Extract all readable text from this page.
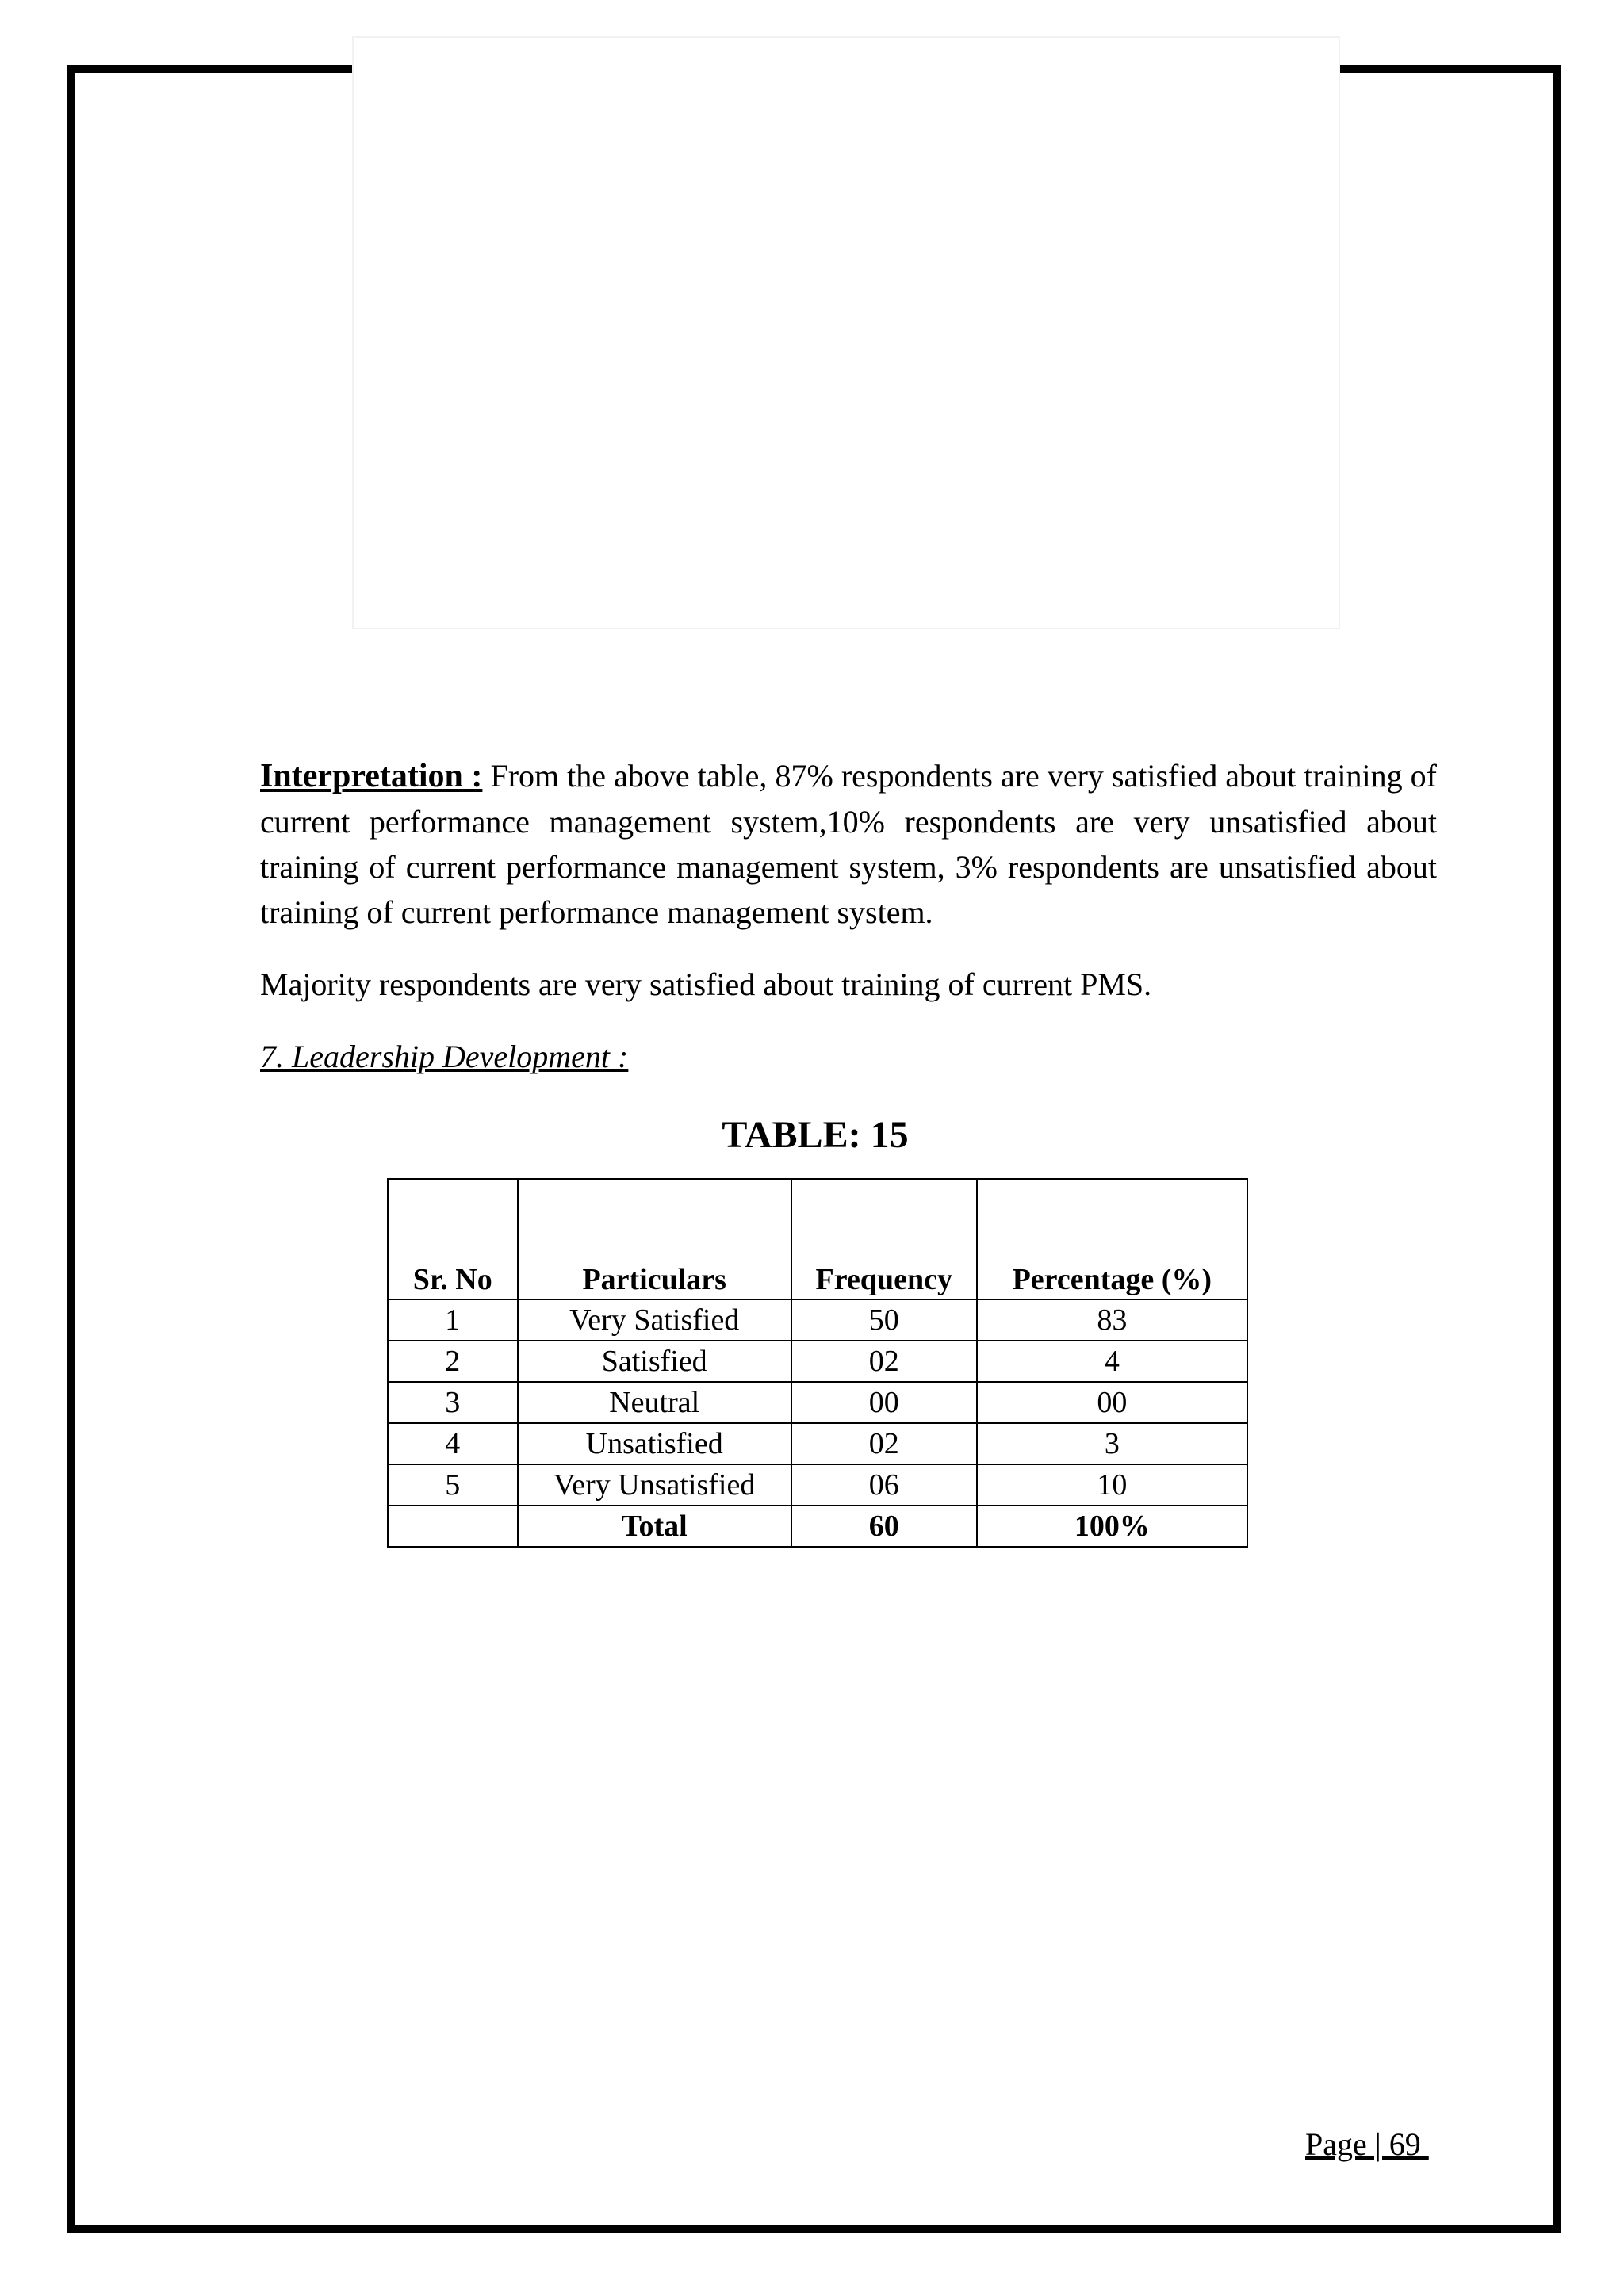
Interpretation : From the above table, 87% respondents are very satisfied about training of current performance management system,10% respondents are very unsatisfied about training of current performance management system, 3% respondents are unsatisfied about training of current performance management system.

Majority respondents are very satisfied about training of current PMS.

7. Leadership Development :

TABLE: 15
Sr. No	Particulars	Frequency	Percentage (%)
1	Very Satisfied	50	83
2	Satisfied	02	4
3	Neutral	00	00
4	Unsatisfied	02	3
5	Very Unsatisfied	06	10
	Total	60	100%
Page | 69
